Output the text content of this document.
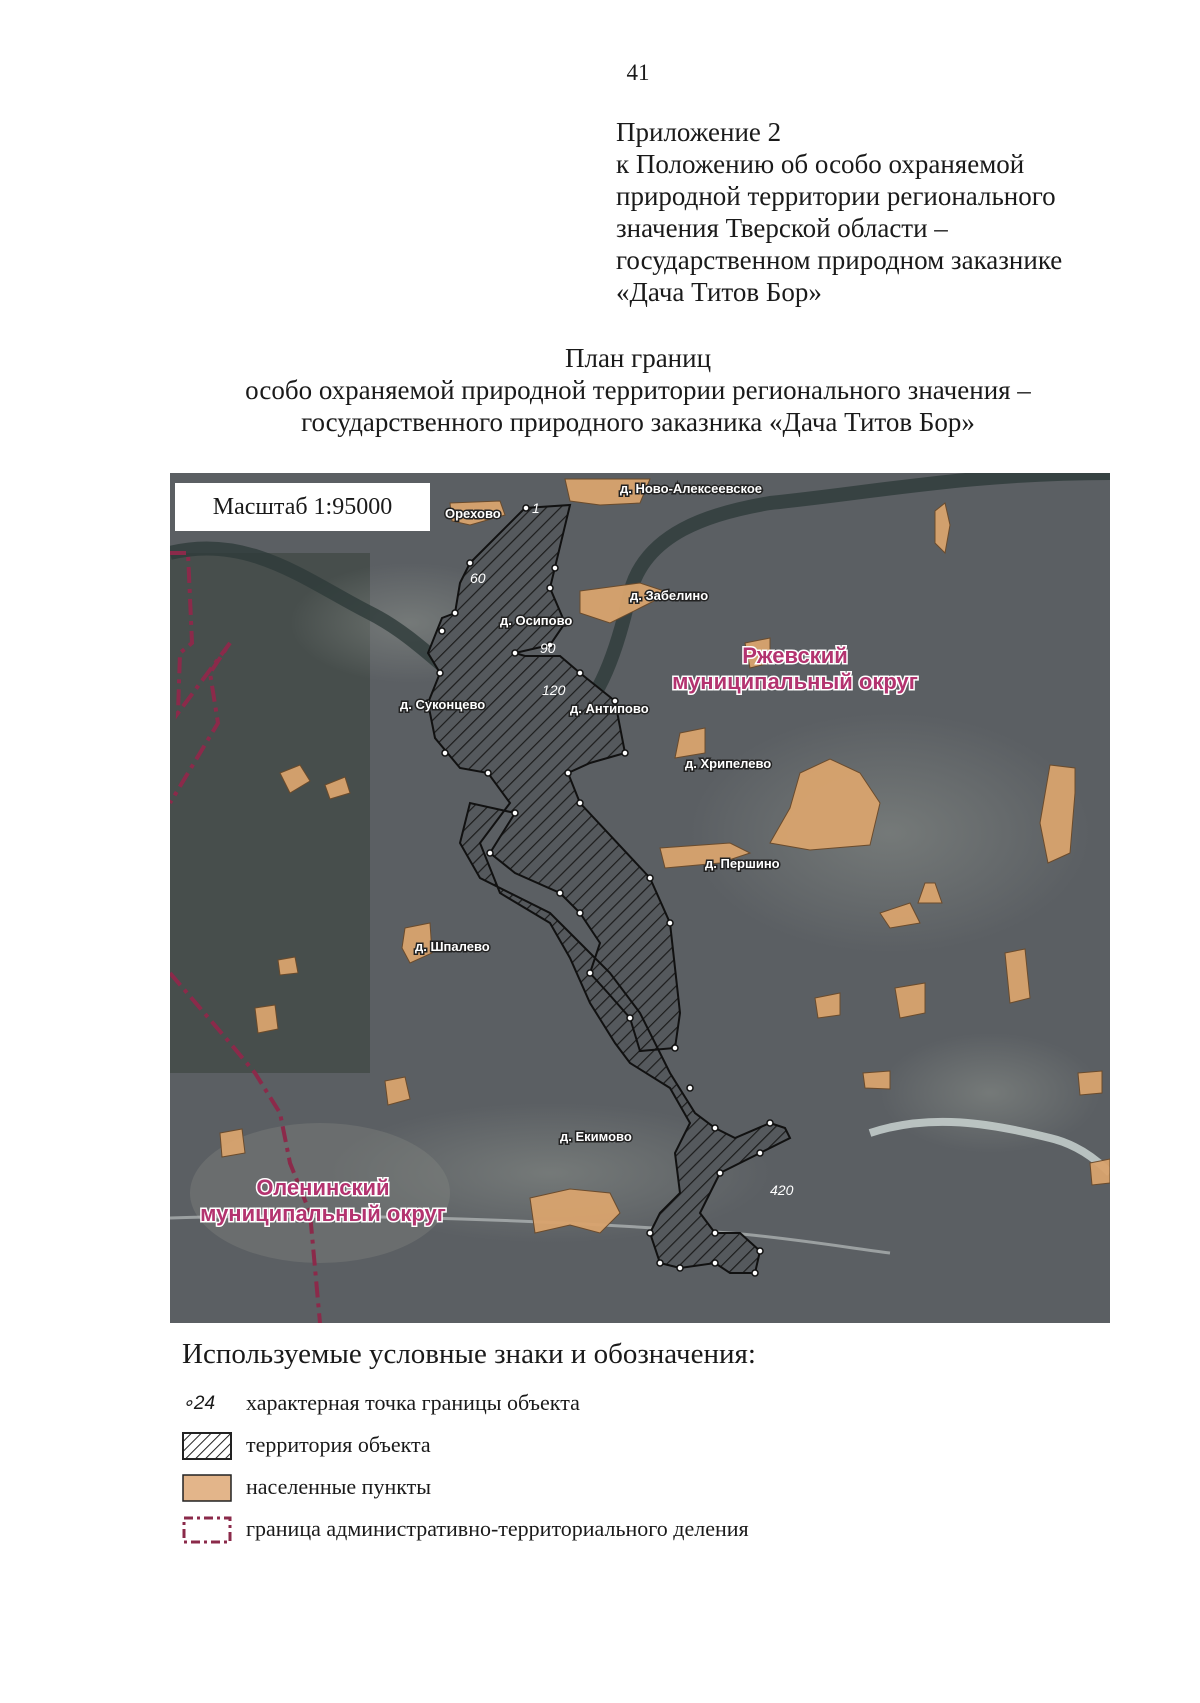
41
Приложение 2
к Положению об особо охраняемой
природной территории регионального
значения Тверской области –
государственном природном заказнике
«Дача Титов Бор»
План границ
особо охраняемой природной территории регионального значения –
государственного природного заказника «Дача Титов Бор»
1
60
90
120
420
д. Ново-Алексеевское
Орехово
д. Забелино
д. Осипово
д. Суконцево	д. Антипово
д. Хрипелево
д. Першино
д. Шпалево
д. Екимово
Ржевский
муниципальный округ
Оленинский
муниципальный округ
Масштаб 1:95000
Используемые условные знаки и обозначения:
∘24 характерная точка границы объекта
территория объекта
населенные пункты
граница административно-территориального деления
